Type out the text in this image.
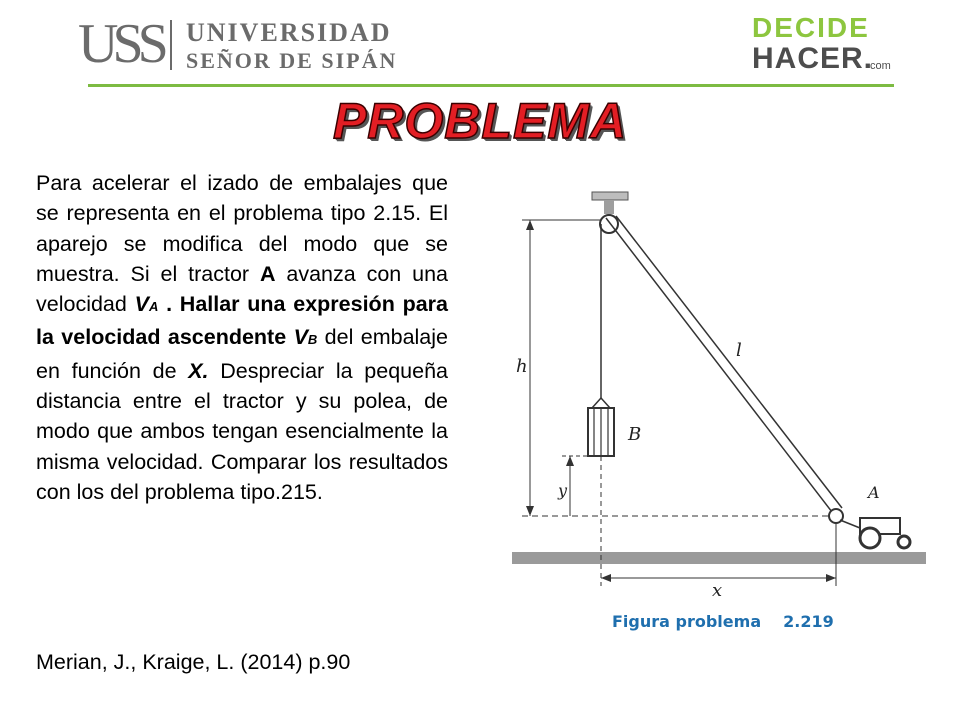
USS UNIVERSIDAD
SEÑOR DE SIPÁN
DECIDE
HACER.
com
PROBLEMA
Para acelerar el izado de embalajes que se representa en el problema tipo 2.15. El aparejo se modifica del modo que se muestra. Si el tractor A avanza con una velocidad VA . Hallar una expresión para la velocidad ascendente VB del embalaje en función de X. Despreciar la pequeña distancia entre el tractor y su polea, de modo que ambos tengan esencialmente la misma velocidad. Comparar los resultados con los del problema tipo.215.
Merian, J., Kraige, L. (2014) p.90
h
l
B
y	A
x
Figura problema 2.219
